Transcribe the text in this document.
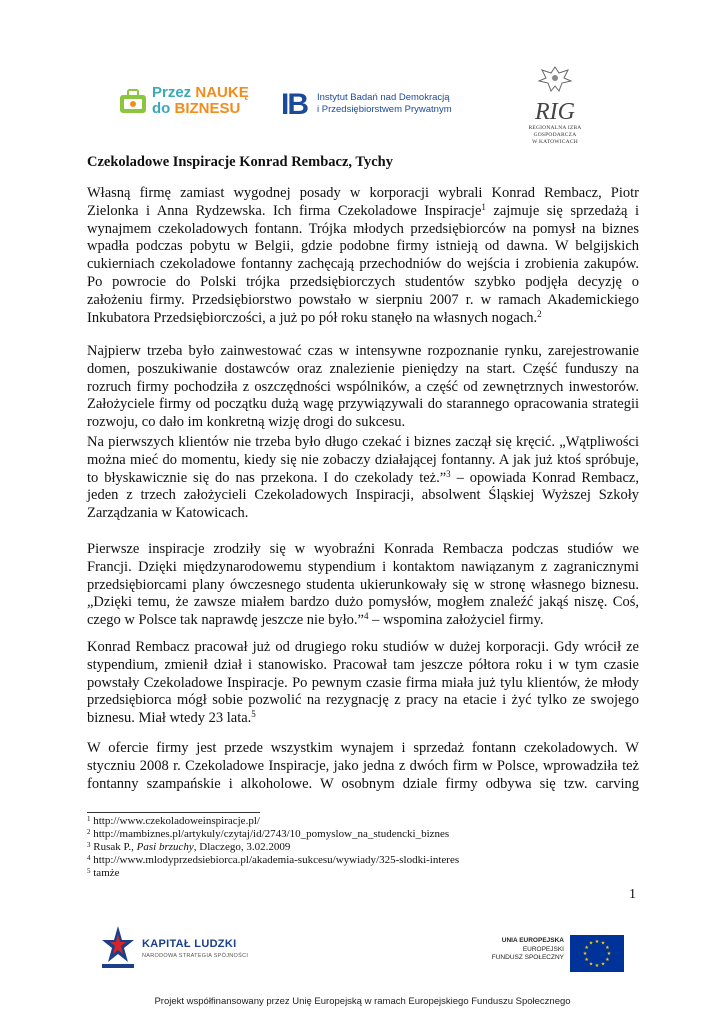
Przez NAUKĘ
do BIZNESU IB Instytut Badań nad Demokracją
i Przedsiębiorstwem Prywatnym	RIG
REGIONALNA IZBA GOSPODARCZA
W KATOWICACH
Czekoladowe Inspiracje Konrad Rembacz, Tychy
Własną firmę zamiast wygodnej posady w korporacji wybrali Konrad Rembacz, Piotr
Zielonka i Anna Rydzewska. Ich firma Czekoladowe Inspiracje$^1$ zajmuje się sprzedażą i
wynajmem czekoladowych fontann. Trójka młodych przedsiębiorców na pomysł na biznes
wpadła podczas pobytu w Belgii, gdzie podobne firmy istnieją od dawna. W belgijskich
cukierniach czekoladowe fontanny zachęcają przechodniów do wejścia i zrobienia zakupów.
Po powrocie do Polski trójka przedsiębiorczych studentów szybko podjęła decyzję o
założeniu firmy. Przedsiębiorstwo powstało w sierpniu 2007 r. w ramach Akademickiego
Inkubatora Przedsiębiorczości, a już po pół roku stanęło na własnych nogach.$^2$
Najpierw trzeba było zainwestować czas w intensywne rozpoznanie rynku, zarejestrowanie
domen, poszukiwanie dostawców oraz znalezienie pieniędzy na start. Część funduszy na
rozruch firmy pochodziła z oszczędności wspólników, a część od zewnętrznych inwestorów.
Założyciele firmy od początku dużą wagę przywiązywali do starannego opracowania strategii
rozwoju, co dało im konkretną wizję drogi do sukcesu.
Na pierwszych klientów nie trzeba było długo czekać i biznes zaczął się kręcić. „Wątpliwości
można mieć do momentu, kiedy się nie zobaczy działającej fontanny. A jak już ktoś spróbuje,
to błyskawicznie się do nas przekona. I do czekolady też.”$^3$ – opowiada Konrad Rembacz,
jeden z trzech założycieli Czekoladowych Inspiracji, absolwent Śląskiej Wyższej Szkoły
Zarządzania w Katowicach.
Pierwsze inspiracje zrodziły się w wyobraźni Konrada Rembacza podczas studiów we
Francji. Dzięki międzynarodowemu stypendium i kontaktom nawiązanym z zagranicznymi
przedsiębiorcami plany ówczesnego studenta ukierunkowały się w stronę własnego biznesu.
„Dzięki temu, że zawsze miałem bardzo dużo pomysłów, mogłem znaleźć jakąś niszę. Coś,
czego w Polsce tak naprawdę jeszcze nie było.”$^4$ – wspomina założyciel firmy.
Konrad Rembacz pracował już od drugiego roku studiów w dużej korporacji. Gdy wrócił ze
stypendium, zmienił dział i stanowisko. Pracował tam jeszcze półtora roku i w tym czasie
powstały Czekoladowe Inspiracje. Po pewnym czasie firma miała już tylu klientów, że młody
przedsiębiorca mógł sobie pozwolić na rezygnację z pracy na etacie i żyć tylko ze swojego
biznesu. Miał wtedy 23 lata.$^5$
W ofercie firmy jest przede wszystkim wynajem i sprzedaż fontann czekoladowych. W
styczniu 2008 r. Czekoladowe Inspiracje, jako jedna z dwóch firm w Polsce, wprowadziła też
fontanny szampańskie i alkoholowe. W osobnym dziale firmy odbywa się tzw. carving
$^1$ http://www.czekoladoweinspiracje.pl/
$^2$ http://mambiznes.pl/artykuly/czytaj/id/2743/10_pomyslow_na_studencki_biznes
$^3$ Rusak P., Pasi brzuchy, Dlaczego, 3.02.2009
$^4$ http://www.mlodyprzedsiebiorca.pl/akademia-sukcesu/wywiady/325-slodki-interes
$^5$ tamże
1
KAPITAŁ LUDZKI
NARODOWA STRATEGIA SPÓJNOŚCI
UNIA EUROPEJSKA
EUROPEJSKI
FUNDUSZ SPOŁECZNY
★ ★
★
★
★
★
★
★
★
★
★
★
Projekt współfinansowany przez Unię Europejską w ramach Europejskiego Funduszu Społecznego
